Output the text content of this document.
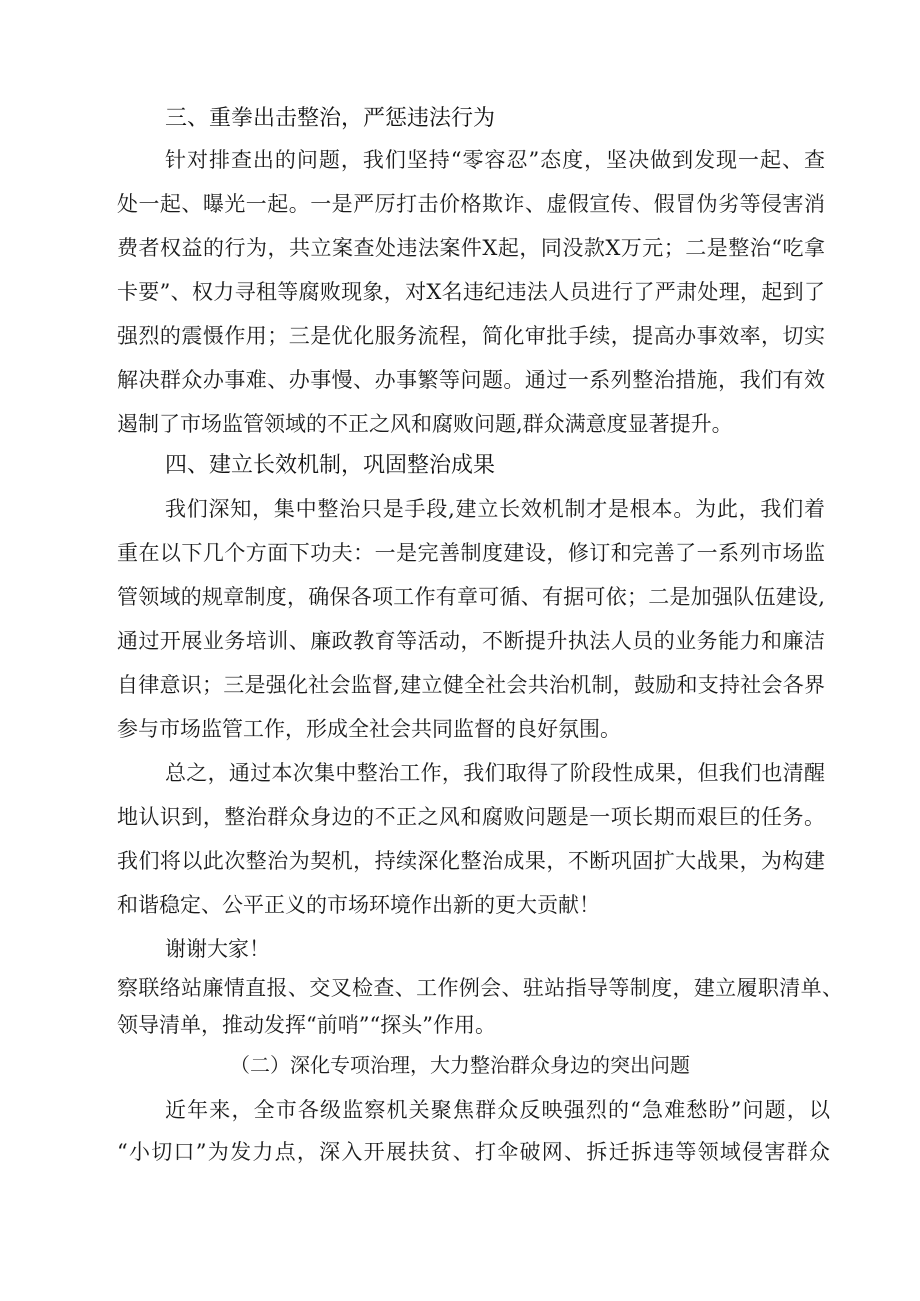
三、重拳出击整治，严惩违法行为
针对排查出的问题，我们坚持“零容忍”态度，坚决做到发现一起、查
处一起、曝光一起。一是严厉打击价格欺诈、虚假宣传、假冒伪劣等侵害消
费者权益的行为，共立案查处违法案件X起，同没款X万元；二是整治“吃拿
卡要”、权力寻租等腐败现象，对X名违纪违法人员进行了严肃处理，起到了
强烈的震慑作用；三是优化服务流程，简化审批手续，提高办事效率，切实
解决群众办事难、办事慢、办事繁等问题。通过一系列整治措施，我们有效
遏制了市场监管领域的不正之风和腐败问题,群众满意度显著提升。
四、建立长效机制，巩固整治成果
我们深知，集中整治只是手段,建立长效机制才是根本。为此，我们着
重在以下几个方面下功夫：一是完善制度建设，修订和完善了一系列市场监
管领域的规章制度，确保各项工作有章可循、有据可依；二是加强队伍建设,
通过开展业务培训、廉政教育等活动，不断提升执法人员的业务能力和廉洁
自律意识；三是强化社会监督,建立健全社会共治机制，鼓励和支持社会各界
参与市场监管工作，形成全社会共同监督的良好氛围。
总之，通过本次集中整治工作，我们取得了阶段性成果，但我们也清醒
地认识到，整治群众身边的不正之风和腐败问题是一项长期而艰巨的任务。
我们将以此次整治为契机，持续深化整治成果，不断巩固扩大战果，为构建
和谐稳定、公平正义的市场环境作出新的更大贡献！
谢谢大家！
察联络站廉情直报、交叉检查、工作例会、驻站指导等制度，建立履职清单、
领导清单，推动发挥“前哨”“探头”作用。
（二）深化专项治理，大力整治群众身边的突出问题
近年来，全市各级监察机关聚焦群众反映强烈的“急难愁盼”问题，以
“小切口”为发力点，深入开展扶贫、打伞破网、拆迁拆违等领域侵害群众
